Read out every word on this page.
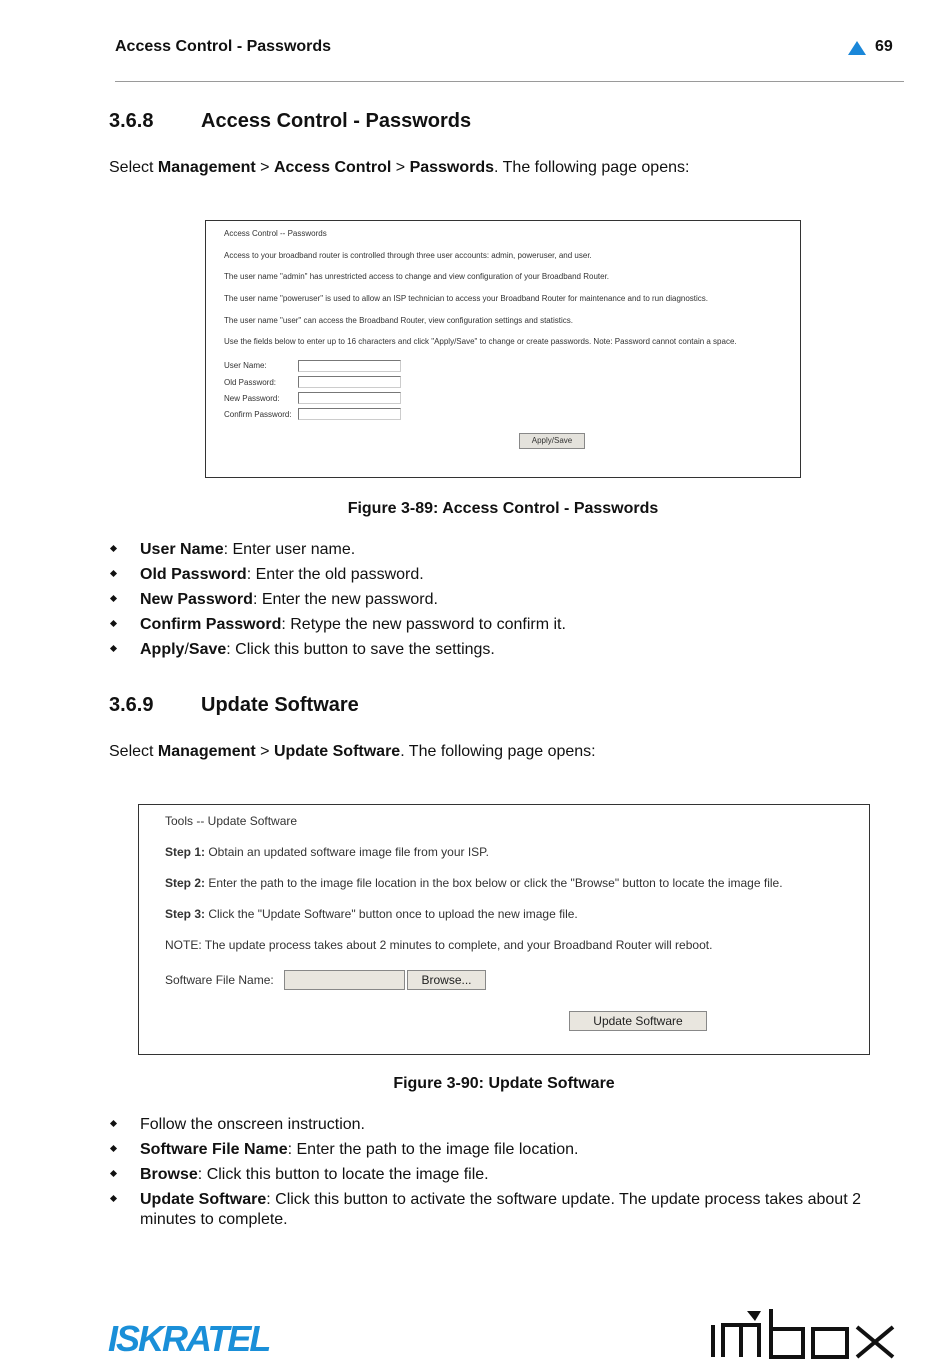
Access Control - Passwords	69
3.6.8 Access Control - Passwords

Select Management > Access Control > Passwords. The following page opens:

Access Control -- Passwords
Access to your broadband router is controlled through three user accounts: admin, poweruser, and user.
The user name "admin" has unrestricted access to change and view configuration of your Broadband Router.
The user name "poweruser" is used to allow an ISP technician to access your Broadband Router for maintenance and to run diagnostics.
The user name "user" can access the Broadband Router, view configuration settings and statistics.
Use the fields below to enter up to 16 characters and click "Apply/Save" to change or create passwords. Note: Password cannot contain a space.
User Name:
Old Password:
New Password:
Confirm Password:
Apply/Save
Figure 3-89: Access Control - Passwords
User Name: Enter user name.
Old Password: Enter the old password.
New Password: Enter the new password.
Confirm Password: Retype the new password to confirm it.
Apply/Save: Click this button to save the settings.
3.6.9 Update Software

Select Management > Update Software. The following page opens:

Tools -- Update Software
Step 1: Obtain an updated software image file from your ISP.
Step 2: Enter the path to the image file location in the box below or click the "Browse" button to locate the image file.
Step 3: Click the "Update Software" button once to upload the new image file.
NOTE: The update process takes about 2 minutes to complete, and your Broadband Router will reboot.
Software File Name:	Browse...
Update Software
Figure 3-90: Update Software
Follow the onscreen instruction.
Software File Name: Enter the path to the image file location.
Browse: Click this button to locate the image file.
Update Software: Click this button to activate the software update. The update process takes about 2 minutes to complete.
ISKRATEL
